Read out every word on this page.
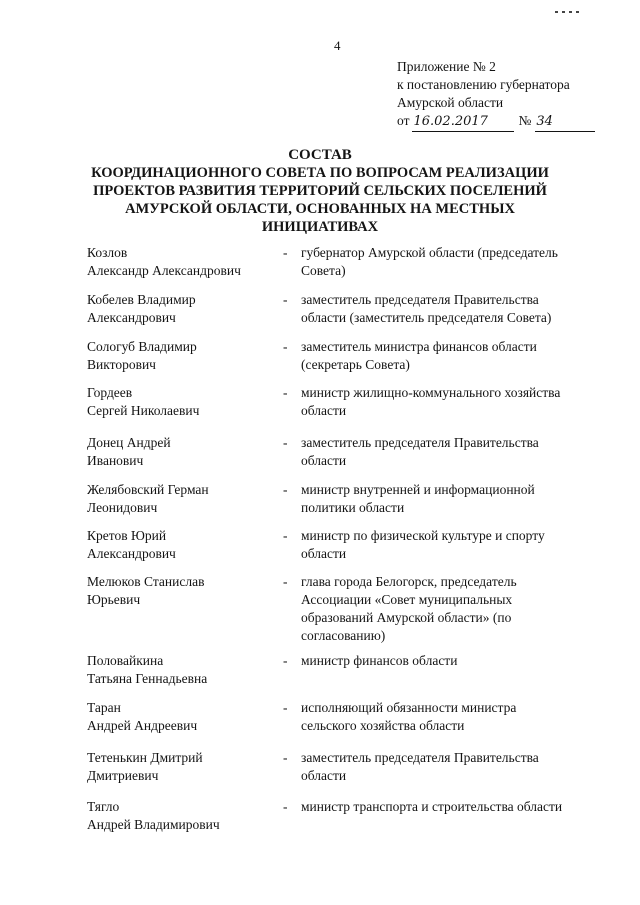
4
Приложение № 2
к постановлению губернатора
Амурской области
от 16.02.2017	№ 34
СОСТАВ
КООРДИНАЦИОННОГО СОВЕТА ПО ВОПРОСАМ РЕАЛИЗАЦИИ
ПРОЕКТОВ РАЗВИТИЯ ТЕРРИТОРИЙ СЕЛЬСКИХ ПОСЕЛЕНИЙ
АМУРСКОЙ ОБЛАСТИ, ОСНОВАННЫХ НА МЕСТНЫХ
ИНИЦИАТИВАХ
Козлов
Александр Александрович
- губернатор Амурской области (председатель
Совета)
Кобелев Владимир
Александрович
- заместитель председателя Правительства
области (заместитель председателя Совета)
Сологуб Владимир
Викторович
- заместитель министра финансов области
(секретарь Совета)
Гордеев
Сергей Николаевич
- министр жилищно-коммунального хозяйства
области
Донец Андрей
Иванович
- заместитель председателя Правительства
области
Желябовский Герман
Леонидович
- министр внутренней и информационной
политики области
Кретов Юрий
Александрович
- министр по физической культуре и спорту
области
Мелюков Станислав
Юрьевич
- глава города Белогорск, председатель
Ассоциации «Совет муниципальных
образований Амурской области» (по
согласованию)
Половайкина
Татьяна Геннадьевна
- министр финансов области
Таран
Андрей Андреевич
- исполняющий обязанности министра
сельского хозяйства области
Тетенькин Дмитрий
Дмитриевич
- заместитель председателя Правительства
области
Тягло
Андрей Владимирович
- министр транспорта и строительства области
